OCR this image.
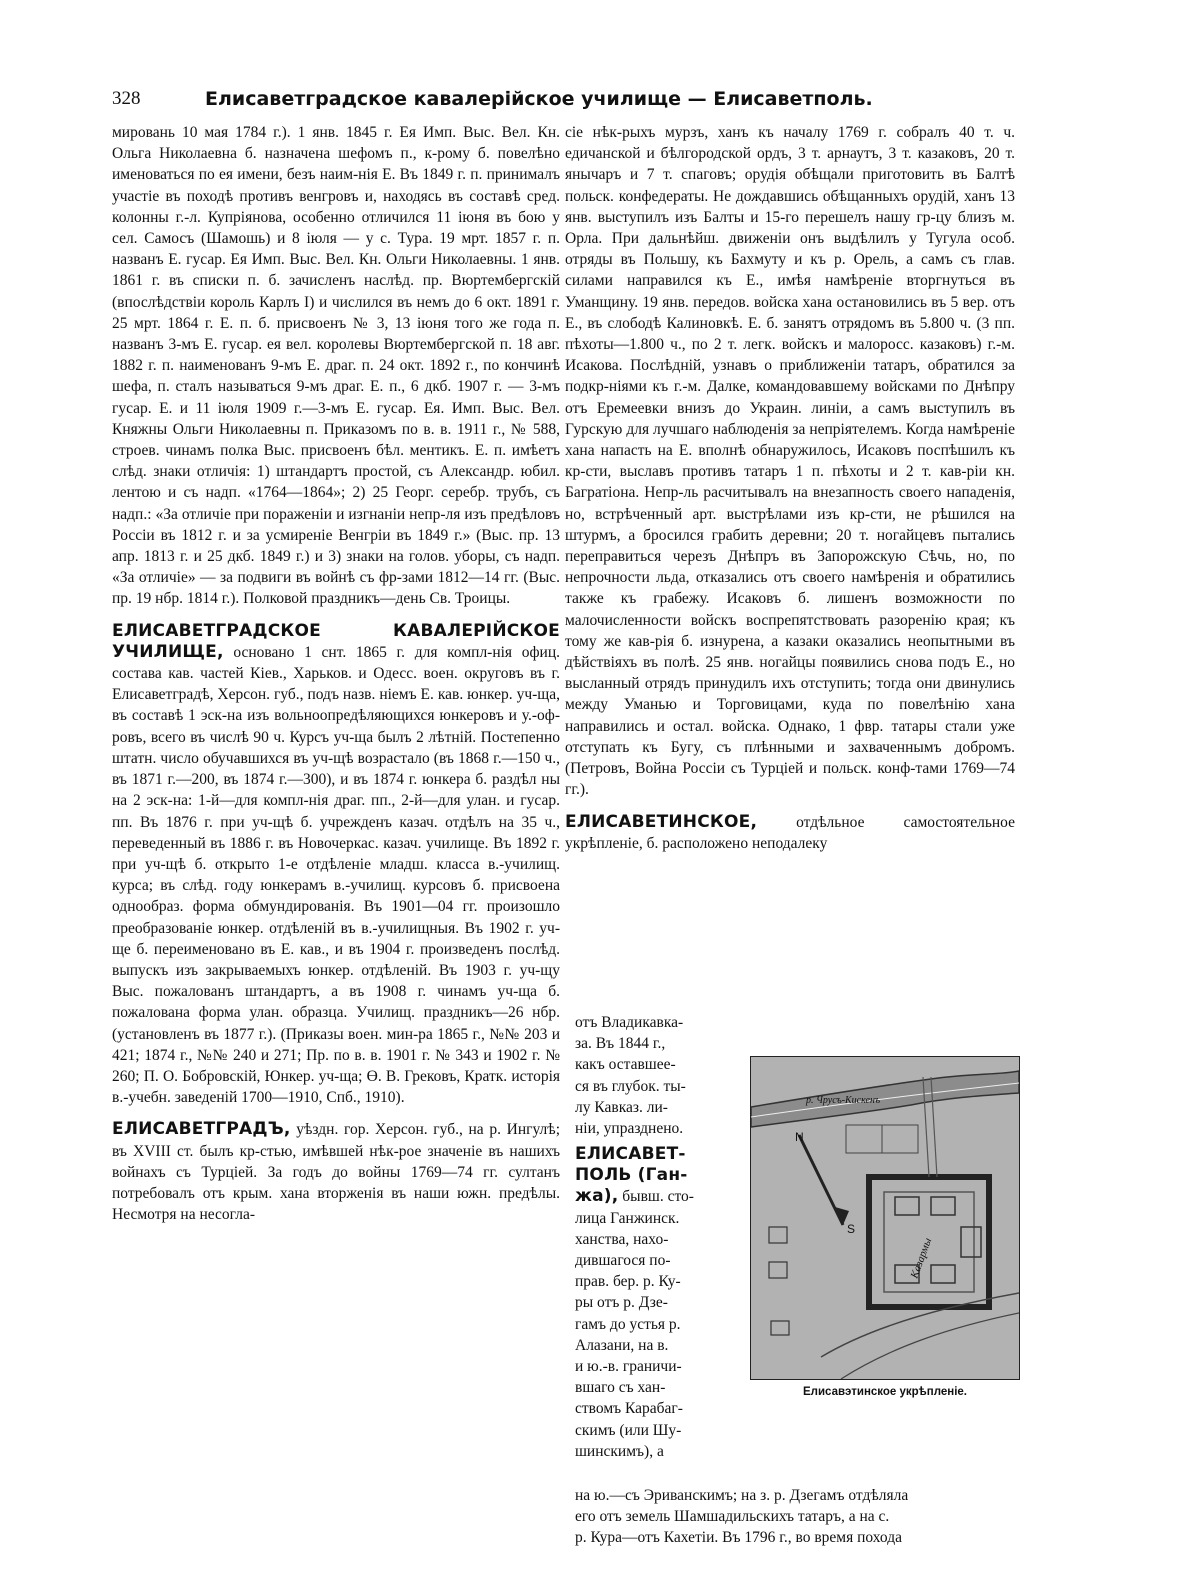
328	Елисаветградское кавалерійское училище — Елисаветполь.

мировань 10 мая 1784 г.). 1 янв. 1845 г. Ея Имп. Выс. Вел. Кн. Ольга Николаевна б. назначена шефомъ п., к-рому б. повелѣно именоваться по ея имени, безъ наим-нія Е. Въ 1849 г. п. принималъ участіе въ походѣ противъ венгровъ и, находясь въ составѣ сред. колонны г.-л. Купріянова, особенно отличился 11 іюня въ бою у сел. Самосъ (Шамошь) и 8 іюля — у с. Тура. 19 мрт. 1857 г. п. названъ Е. гусар. Ея Имп. Выс. Вел. Кн. Ольги Николаевны. 1 янв. 1861 г. въ списки п. б. зачисленъ наслѣд. пр. Вюртембергскій (впослѣдствіи король Карлъ I) и числился въ немъ до 6 окт. 1891 г. 25 мрт. 1864 г. Е. п. б. присвоенъ № 3, 13 іюня того же года п. названъ 3-мъ Е. гусар. ея вел. королевы Вюртембергской п. 18 авг. 1882 г. п. наименованъ 9-мъ Е. драг. п. 24 окт. 1892 г., по кончинѣ шефа, п. сталъ называться 9-мъ драг. Е. п., 6 дкб. 1907 г. — 3-мъ гусар. Е. и 11 іюля 1909 г.—3-мъ Е. гусар. Ея. Имп. Выс. Вел. Княжны Ольги Николаевны п. Приказомъ по в. в. 1911 г., № 588, строев. чинамъ полка Выс. присвоенъ бѣл. ментикъ. Е. п. имѣетъ слѣд. знаки отличія: 1) штандартъ простой, съ Александр. юбил. лентою и съ надп. «1764—1864»; 2) 25 Георг. серебр. трубъ, съ надп.: «За отличіе при пораженіи и изгнаніи непр-ля изъ предѣловъ Россіи въ 1812 г. и за усмиреніе Венгріи въ 1849 г.» (Выс. пр. 13 апр. 1813 г. и 25 дкб. 1849 г.) и 3) знаки на голов. уборы, съ надп. «За отличіе» — за подвиги въ войнѣ съ фр-зами 1812—14 гг. (Выс. пр. 19 нбр. 1814 г.). Полковой праздникъ—день Св. Троицы.

ЕЛИСАВЕТГРАДСКОЕ КАВАЛЕРІЙСКОЕ УЧИЛИЩЕ, основано 1 снт. 1865 г. для компл-нія офиц. состава кав. частей Кіев., Харьков. и Одесс. воен. округовъ въ г. Елисаветградѣ, Херсон. губ., подъ назв. ніемъ Е. кав. юнкер. уч-ща, въ составѣ 1 эск-на изъ вольноопредѣляющихся юнкеровъ и у.-оф-ровъ, всего въ числѣ 90 ч. Курсъ уч-ща былъ 2 лѣтній. Постепенно штатн. число обучавшихся въ уч-щѣ возрастало (въ 1868 г.—150 ч., въ 1871 г.—200, въ 1874 г.—300), и въ 1874 г. юнкера б. раздѣл ны на 2 эск-на: 1-й—для компл-нія драг. пп., 2-й—для улан. и гусар. пп. Въ 1876 г. при уч-щѣ б. учрежденъ казач. отдѣлъ на 35 ч., переведенный въ 1886 г. въ Новочеркас. казач. училище. Въ 1892 г. при уч-щѣ б. открыто 1-е отдѣленіе младш. класса в.-училищ. курса; въ слѣд. году юнкерамъ в.-училищ. курсовъ б. присвоена однообраз. форма обмундированія. Въ 1901—04 гг. произошло преобразованіе юнкер. отдѣленій въ в.-училищныя. Въ 1902 г. уч-ще б. переименовано въ Е. кав., и въ 1904 г. произведенъ послѣд. выпускъ изъ закрываемыхъ юнкер. отдѣленій. Въ 1903 г. уч-щу Выс. пожалованъ штандартъ, а въ 1908 г. чинамъ уч-ща б. пожалована форма улан. образца. Училищ. праздникъ—26 нбр. (установленъ въ 1877 г.). (Приказы воен. мин-ра 1865 г., №№ 203 и 421; 1874 г., №№ 240 и 271; Пр. по в. в. 1901 г. № 343 и 1902 г. № 260; П. О. Бобровскій, Юнкер. уч-ща; Ө. В. Грековъ, Кратк. исторія в.-учебн. заведеній 1700—1910, Спб., 1910).

ЕЛИСАВЕТГРАДЪ, уѣздн. гор. Херсон. губ., на р. Ингулѣ; въ XVIII ст. былъ кр-стью, имѣвшей нѣк-рое значеніе въ нашихъ войнахъ съ Турціей. За годъ до войны 1769—74 гг. султанъ потребовалъ отъ крым. хана вторженія въ наши южн. предѣлы. Несмотря на несогла-

сіе нѣк-рыхъ мурзъ, ханъ къ началу 1769 г. собралъ 40 т. ч. едичанской и бѣлгородской ордъ, 3 т. арнаутъ, 3 т. казаковъ, 20 т. янычаръ и 7 т. спаговъ; орудія обѣщали приготовить въ Балтѣ польск. конфедераты. Не дождавшись обѣщанныхъ орудій, ханъ 13 янв. выступилъ изъ Балты и 15-го перешелъ нашу гр-цу близъ м. Орла. При дальнѣйш. движеніи онъ выдѣлилъ у Тугула особ. отряды въ Польшу, къ Бахмуту и къ р. Орель, а самъ съ глав. силами направился къ Е., имѣя намѣреніе вторгнуться въ Уманщину. 19 янв. передов. войска хана остановились въ 5 вер. отъ Е., въ слободѣ Калиновкѣ. Е. б. занятъ отрядомъ въ 5.800 ч. (3 пп. пѣхоты—1.800 ч., по 2 т. легк. войскъ и малоросс. казаковъ) г.-м. Исакова. Послѣдній, узнавъ о приближеніи татаръ, обратился за подкр-ніями къ г.-м. Далке, командовавшему войсками по Днѣпру отъ Еремеевки внизъ до Украин. линіи, а самъ выступилъ въ Гурскую для лучшаго наблюденія за непріятелемъ. Когда намѣреніе хана напасть на Е. вполнѣ обнаружилось, Исаковъ поспѣшилъ къ кр-сти, выславъ противъ татаръ 1 п. пѣхоты и 2 т. кав-ріи кн. Багратіона. Непр-ль расчитывалъ на внезапность своего нападенія, но, встрѣченный арт. выстрѣлами изъ кр-сти, не рѣшился на штурмъ, а бросился грабить деревни; 20 т. ногайцевъ пытались переправиться черезъ Днѣпръ въ Запорожскую Сѣчь, но, по непрочности льда, отказались отъ своего намѣренія и обратились также къ грабежу. Исаковъ б. лишенъ возможности по малочисленности войскъ воспрепятствовать разоренію края; къ тому же кав-рія б. изнурена, а казаки оказались неопытными въ дѣйствіяхъ въ полѣ. 25 янв. ногайцы появились снова подъ Е., но высланный отрядъ принудилъ ихъ отступить; тогда они двинулись между Уманью и Торговицами, куда по повелѣнію хана направились и остал. войска. Однако, 1 фвр. татары стали уже отступать къ Бугу, съ плѣнными и захваченнымъ добромъ. (Петровъ, Война Россіи съ Турціей и польск. конф-тами 1769—74 гг.).

ЕЛИСАВЕТИНСКОЕ,	отдѣльное самостоятельное укрѣпленіе, б. расположено неподалеку

отъ Владикавка-

за. Въ 1844 г.,

какъ оставшее-

ся въ глубок. ты-

лу Кавказ. ли-

ніи, упразднено.

ЕЛИСАВЕТ-

ПОЛЬ (Ган-

жа), бывш. сто-

лица Ганжинск.

ханства, нахо-

дившагося по-

прав. бер. р. Ку-

ры отъ р. Дзе-

гамъ до устья р.

Алазани, на в.

и ю.-в. граничи-

вшаго съ хан-

ствомъ Карабаг-

скимъ (или Шу-

шинскимъ), а

на ю.—съ Эриванскимъ; на з. р. Дзегамъ отдѣляла

его отъ земель Шамшадильскихъ татаръ, а на с.

р. Кура—отъ Кахетіи. Въ 1796 г., во время похода

р. Чрусъ-Кискенъ
N
S
Казармы
Елисавэтинское укрѣпленіе.
